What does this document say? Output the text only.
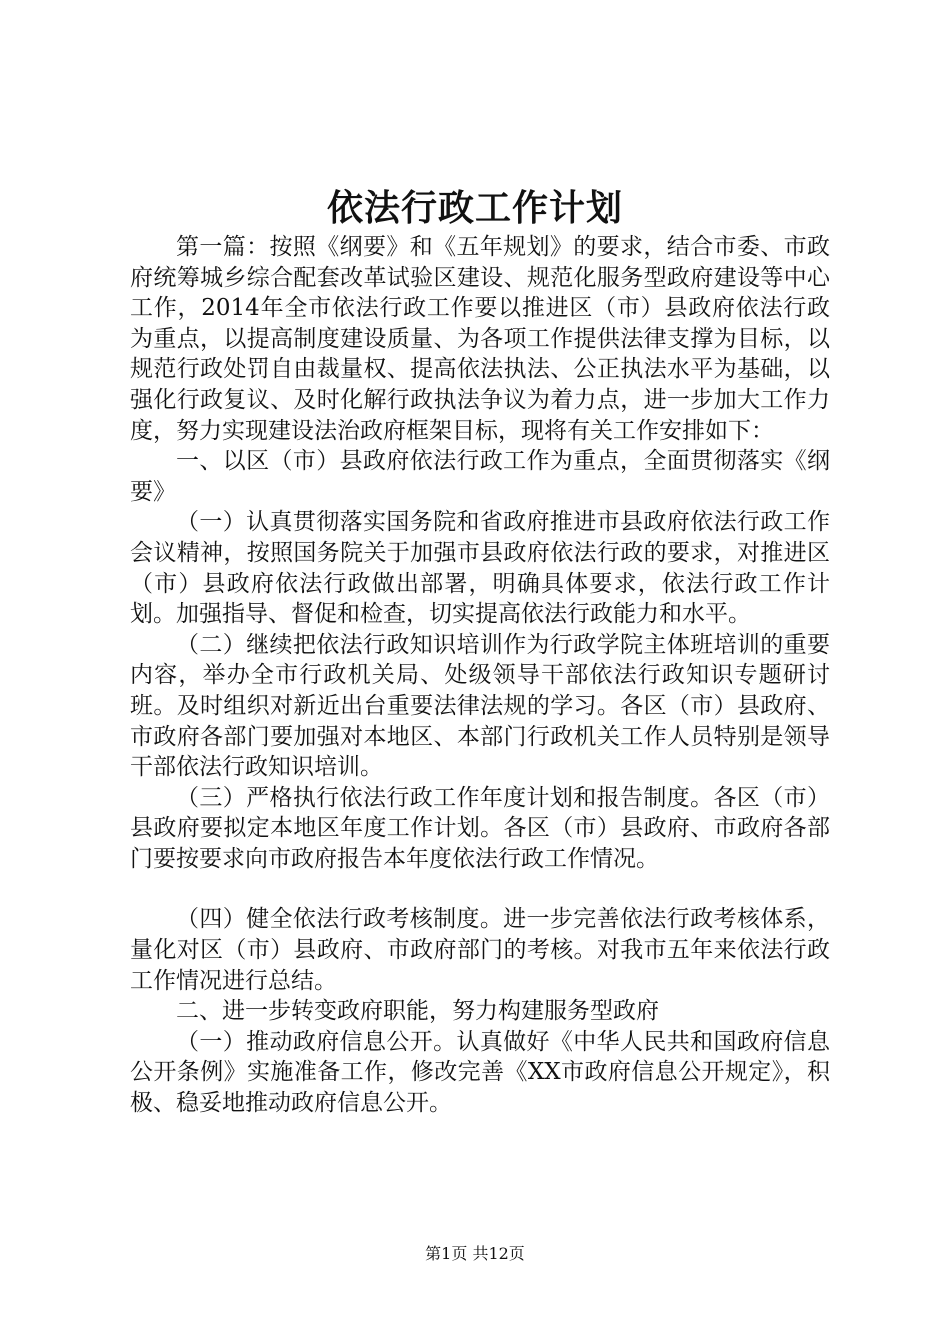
依法行政工作计划

第一篇：按照《纲要》和《五年规划》的要求，结合市委、市政府统筹城乡综合配套改革试验区建设、规范化服务型政府建设等中心工作，2014年全市依法行政工作要以推进区（市）县政府依法行政为重点，以提高制度建设质量、为各项工作提供法律支撑为目标，以规范行政处罚自由裁量权、提高依法执法、公正执法水平为基础，以强化行政复议、及时化解行政执法争议为着力点，进一步加大工作力度，努力实现建设法治政府框架目标，现将有关工作安排如下：

一、以区（市）县政府依法行政工作为重点，全面贯彻落实《纲要》

（一）认真贯彻落实国务院和省政府推进市县政府依法行政工作会议精神，按照国务院关于加强市县政府依法行政的要求，对推进区（市）县政府依法行政做出部署，明确具体要求，依法行政工作计划。加强指导、督促和检查，切实提高依法行政能力和水平。

（二）继续把依法行政知识培训作为行政学院主体班培训的重要内容，举办全市行政机关局、处级领导干部依法行政知识专题研讨班。及时组织对新近出台重要法律法规的学习。各区（市）县政府、市政府各部门要加强对本地区、本部门行政机关工作人员特别是领导干部依法行政知识培训。

（三）严格执行依法行政工作年度计划和报告制度。各区（市）县政府要拟定本地区年度工作计划。各区（市）县政府、市政府各部门要按要求向市政府报告本年度依法行政工作情况。

（四）健全依法行政考核制度。进一步完善依法行政考核体系，量化对区（市）县政府、市政府部门的考核。对我市五年来依法行政工作情况进行总结。

二、进一步转变政府职能，努力构建服务型政府

（一）推动政府信息公开。认真做好《中华人民共和国政府信息公开条例》实施准备工作，修改完善《XX市政府信息公开规定》，积极、稳妥地推动政府信息公开。

第1页 共12页
